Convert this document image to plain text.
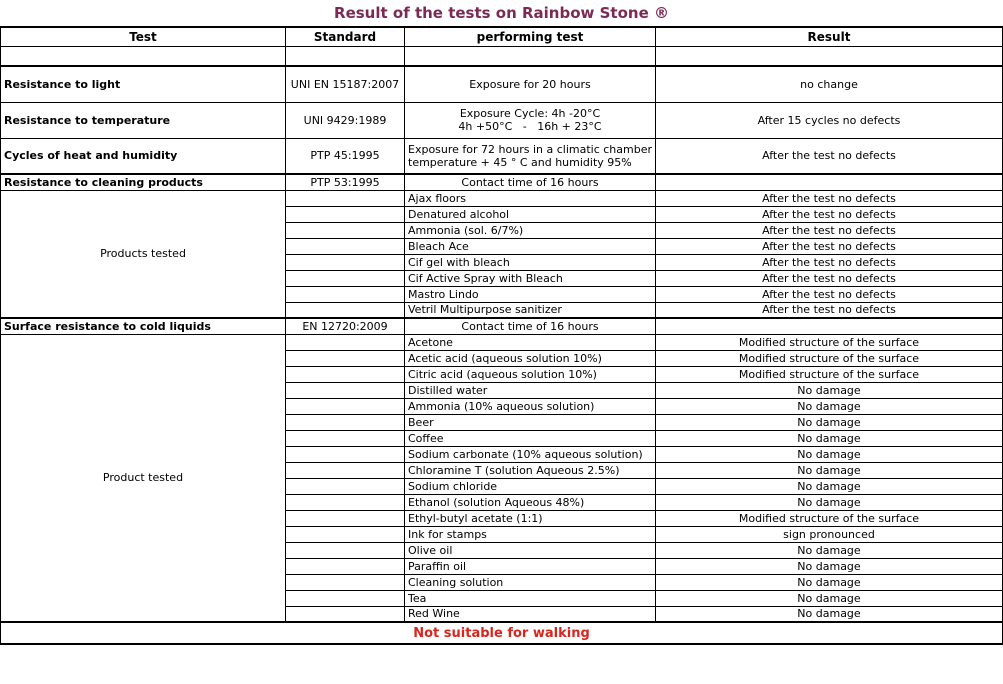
Result of the tests on Rainbow Stone ®
Test	Standard	performing test	Result

Resistance to light	UNI EN 15187:2007	Exposure for 20 hours	no change
Resistance to temperature	UNI 9429:1989	Exposure Cycle: 4h -20°C
4h +50°C   -   16h + 23°C	After 15 cycles no defects
Cycles of heat and humidity	PTP 45:1995	Exposure for 72 hours in a climatic chamber
temperature + 45 ° C and humidity 95%	After the test no defects
Resistance to cleaning products	PTP 53:1995	Contact time of 16 hours	
Products tested		Ajax floors	After the test no defects
		Denatured alcohol	After the test no defects
		Ammonia (sol. 6/7%)	After the test no defects
		Bleach Ace	After the test no defects
		Cif gel with bleach	After the test no defects
		Cif Active Spray with Bleach	After the test no defects
		Mastro Lindo	After the test no defects
		Vetril Multipurpose sanitizer	After the test no defects
Surface resistance to cold liquids	EN 12720:2009	Contact time of 16 hours	
Product tested		Acetone	Modified structure of the surface
		Acetic acid (aqueous solution 10%)	Modified structure of the surface
		Citric acid (aqueous solution 10%)	Modified structure of the surface
		Distilled water	No damage
		Ammonia (10% aqueous solution)	No damage
		Beer	No damage
		Coffee	No damage
		Sodium carbonate (10% aqueous solution)	No damage
		Chloramine T (solution Aqueous 2.5%)	No damage
		Sodium chloride	No damage
		Ethanol (solution Aqueous 48%)	No damage
		Ethyl-butyl acetate (1:1)	Modified structure of the surface
		Ink for stamps	sign pronounced
		Olive oil	No damage
		Paraffin oil	No damage
		Cleaning solution	No damage
		Tea	No damage
		Red Wine	No damage
Not suitable for walking			
